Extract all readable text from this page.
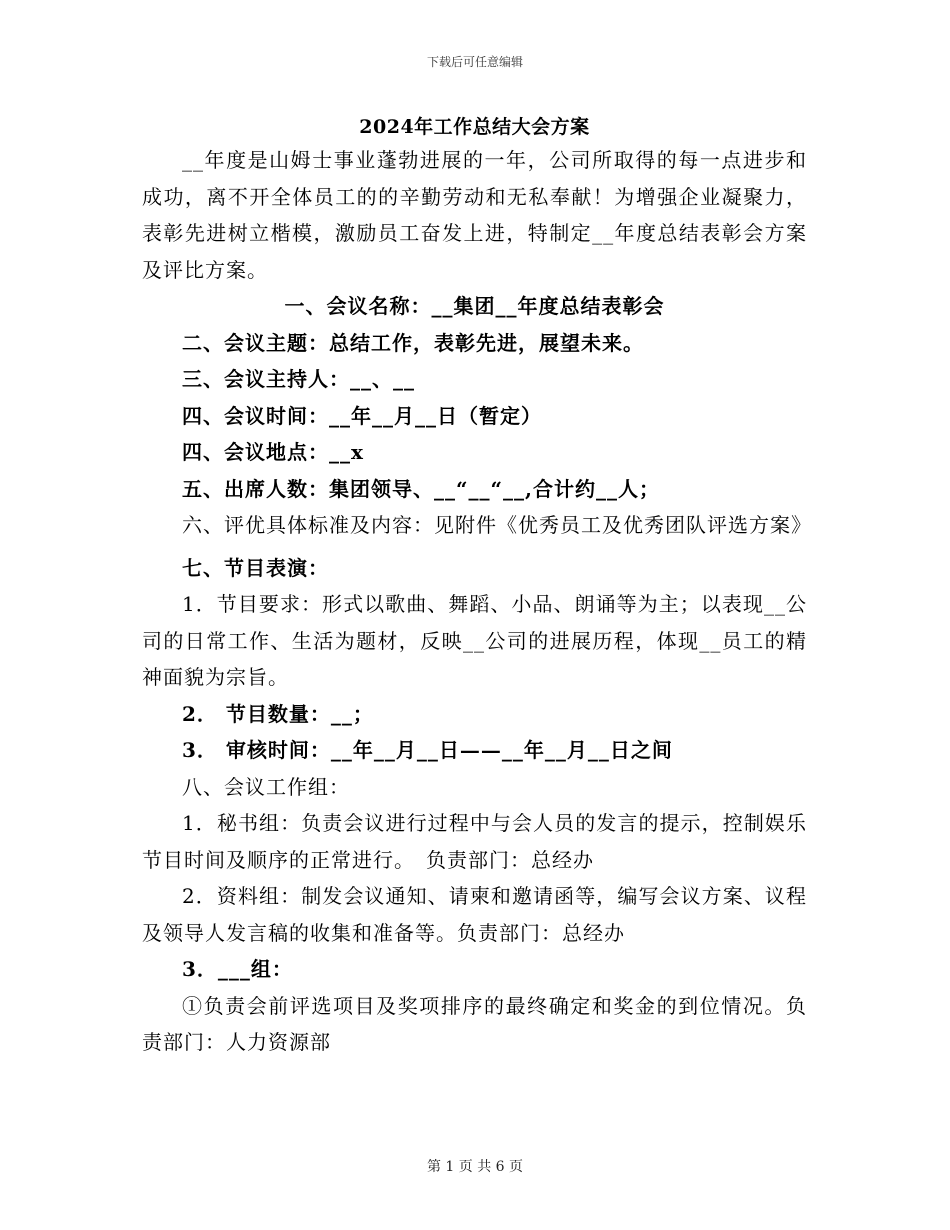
下载后可任意编辑
2024年工作总结大会方案

__年度是山姆士事业蓬勃进展的一年，公司所取得的每一点进步和成功，离不开全体员工的的辛勤劳动和无私奉献！为增强企业凝聚力，表彰先进树立楷模，激励员工奋发上进，特制定__年度总结表彰会方案及评比方案。

一、会议名称：__集团__年度总结表彰会

二、会议主题：总结工作，表彰先进，展望未来。

三、会议主持人：__、__

四、会议时间：__年__月__日（暂定）

四、会议地点：__x

五、出席人数：集团领导、__“__“__,合计约__人；

六、评优具体标准及内容：见附件《优秀员工及优秀团队评选方案》

七、节目表演：

1．节目要求：形式以歌曲、舞蹈、小品、朗诵等为主；以表现__公司的日常工作、生活为题材，反映__公司的进展历程，体现__员工的精神面貌为宗旨。

2． 节目数量：__；

3． 审核时间：__年__月__日——__年__月__日之间

八、会议工作组：

1．秘书组：负责会议进行过程中与会人员的发言的提示，控制娱乐节目时间及顺序的正常进行。　负责部门：总经办

2．资料组：制发会议通知、请柬和邀请函等，编写会议方案、议程及领导人发言稿的收集和准备等。负责部门：总经办

3．___组：

①负责会前评选项目及奖项排序的最终确定和奖金的到位情况。负责部门：人力资源部

第 1 页 共 6 页
